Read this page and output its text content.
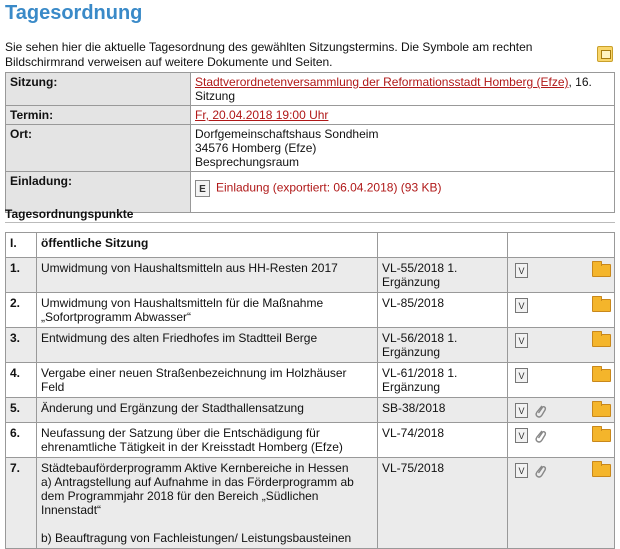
Tagesordnung
Sie sehen hier die aktuelle Tagesordnung des gewählten Sitzungstermins. Die Symbole am rechten Bildschirmrand verweisen auf weitere Dokumente und Seiten.
Sitzung:	Stadtverordnetenversammlung der Reformationsstadt Homberg (Efze), 16. Sitzung
Termin:	Fr, 20.04.2018 19:00 Uhr
Ort:	Dorfgemeinschaftshaus Sondheim
34576 Homberg (Efze)
Besprechungsraum

Einladung:	E Einladung (exportiert: 06.04.2018) (93 KB)
Tagesordnungspunkte
I.	öffentliche Sitzung		
1.	Umwidmung von Haushaltsmitteln aus HH-Resten 2017	VL-55/2018 1. Ergänzung	V

2.	Umwidmung von Haushaltsmitteln für die Maßnahme „Sofortprogramm Abwasser“	VL-85/2018	V

3.	Entwidmung des alten Friedhofes im Stadtteil Berge	VL-56/2018 1. Ergänzung	V

4.	Vergabe einer neuen Straßenbezeichnung im Holzhäuser Feld	VL-61/2018 1. Ergänzung	V

5.	Änderung und Ergänzung der Stadthallensatzung	SB-38/2018	V

6.	Neufassung der Satzung über die Entschädigung für ehrenamtliche Tätigkeit in der Kreisstadt Homberg (Efze)	VL-74/2018	V

7.	Städtebauförderprogramm Aktive Kernbereiche in Hessen
a) Antragstellung auf Aufnahme in das Förderprogramm ab dem Programmjahr 2018 für den Bereich „Südlichen Innenstadt“
b) Beauftragung von Fachleistungen/ Leistungsbausteinen	VL-75/2018	V
